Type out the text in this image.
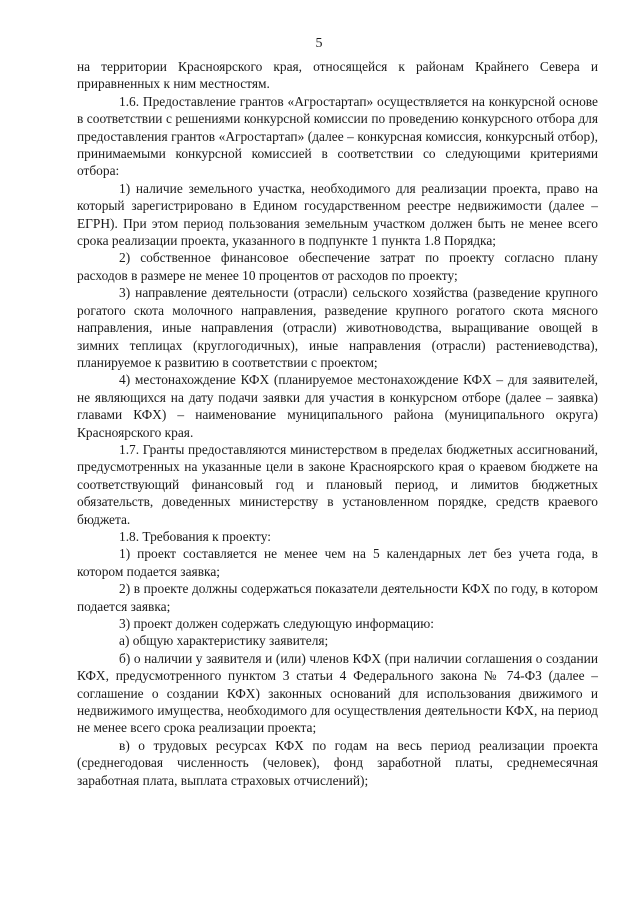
5

на территории Красноярского края, относящейся к районам Крайнего Севера и приравненных к ним местностям.

1.6. Предоставление грантов «Агростартап» осуществляется на конкурсной основе в соответствии с решениями конкурсной комиссии по проведению конкурсного отбора для предоставления грантов «Агростартап» (далее – конкурсная комиссия, конкурсный отбор), принимаемыми конкурсной комиссией в соответствии со следующими критериями отбора:

1) наличие земельного участка, необходимого для реализации проекта, право на который зарегистрировано в Едином государственном реестре недвижимости (далее – ЕГРН). При этом период пользования земельным участком должен быть не менее всего срока реализации проекта, указанного в подпункте 1 пункта 1.8 Порядка;

2) собственное финансовое обеспечение затрат по проекту согласно плану расходов в размере не менее 10 процентов от расходов по проекту;

3) направление деятельности (отрасли) сельского хозяйства (разведение крупного рогатого скота молочного направления, разведение крупного рогатого скота мясного направления, иные направления (отрасли) животноводства, выращивание овощей в зимних теплицах (круглогодичных), иные направления (отрасли) растениеводства), планируемое к развитию в соответствии с проектом;

4) местонахождение КФХ (планируемое местонахождение КФХ – для заявителей, не являющихся на дату подачи заявки для участия в конкурсном отборе (далее – заявка) главами КФХ) – наименование муниципального района (муниципального округа) Красноярского края.

1.7. Гранты предоставляются министерством в пределах бюджетных ассигнований, предусмотренных на указанные цели в законе Красноярского края о краевом бюджете на соответствующий финансовый год и плановый период, и лимитов бюджетных обязательств, доведенных министерству в установленном порядке, средств краевого бюджета.

1.8. Требования к проекту:

1) проект составляется не менее чем на 5 календарных лет без учета года, в котором подается заявка;

2) в проекте должны содержаться показатели деятельности КФХ по году, в котором подается заявка;

3) проект должен содержать следующую информацию:

а) общую характеристику заявителя;

б) о наличии у заявителя и (или) членов КФХ (при наличии соглашения о создании КФХ, предусмотренного пунктом 3 статьи 4 Федерального закона № 74-ФЗ (далее – соглашение о создании КФХ) законных оснований для использования движимого и недвижимого имущества, необходимого для осуществления деятельности КФХ, на период не менее всего срока реализации проекта;

в) о трудовых ресурсах КФХ по годам на весь период реализации проекта (среднегодовая численность (человек), фонд заработной платы, среднемесячная заработная плата, выплата страховых отчислений);
